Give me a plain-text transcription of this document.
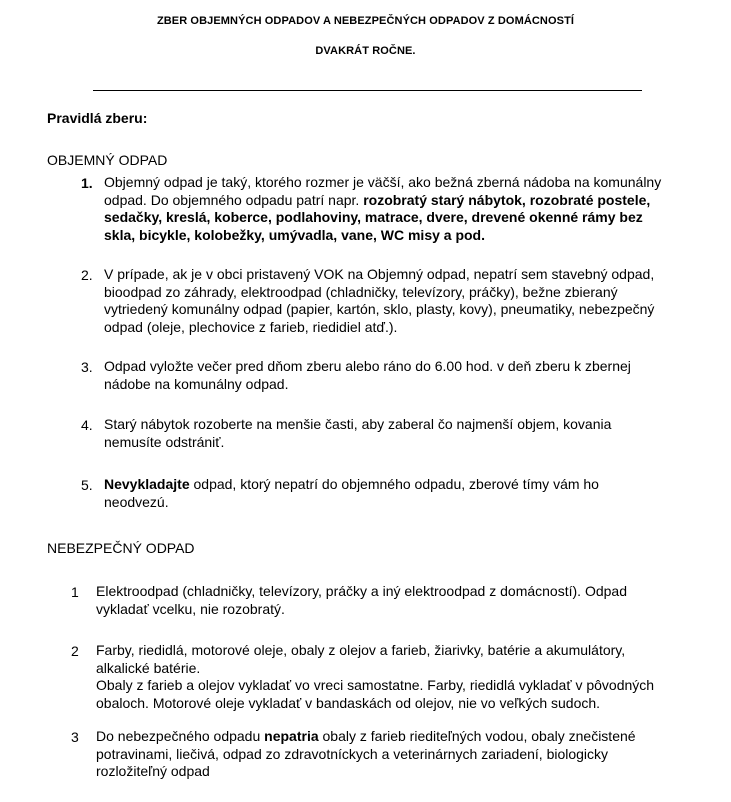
ZBER OBJEMNÝCH ODPADOV A NEBEZPEČNÝCH ODPADOV Z DOMÁCNOSTÍ
DVAKRÁT ROČNE.
Pravidlá zberu:
OBJEMNÝ ODPAD
1. Objemný odpad je taký, ktorého rozmer je väčší, ako bežná zberná nádoba na komunálny
odpad. Do objemného odpadu patrí napr. rozobratý starý nábytok, rozobraté postele,
sedačky, kreslá, koberce, podlahoviny, matrace, dvere, drevené okenné rámy bez
skla, bicykle, kolobežky, umývadla, vane, WC misy a pod.
2. V prípade, ak je v obci pristavený VOK na Objemný odpad, nepatrí sem stavebný odpad,
bioodpad zo záhrady, elektroodpad (chladničky, televízory, práčky), bežne zbieraný
vytriedený komunálny odpad (papier, kartón, sklo, plasty, kovy), pneumatiky, nebezpečný
odpad (oleje, plechovice z farieb, riedidiel atď.).
3. Odpad vyložte večer pred dňom zberu alebo ráno do 6.00 hod. v deň zberu k zbernej
nádobe na komunálny odpad.
4. Starý nábytok rozoberte na menšie časti, aby zaberal čo najmenší objem, kovania
nemusíte odstrániť.
5. Nevykladajte odpad, ktorý nepatrí do objemného odpadu, zberové tímy vám ho
neodvezú.
NEBEZPEČNÝ ODPAD
1 Elektroodpad (chladničky, televízory, práčky a iný elektroodpad z domácností). Odpad
vykladať vcelku, nie rozobratý.
2 Farby, riedidlá, motorové oleje, obaly z olejov a farieb, žiarivky, batérie a akumulátory,
alkalické batérie.
Obaly z farieb a olejov vykladať vo vreci samostatne. Farby, riedidlá vykladať v pôvodných
obaloch. Motorové oleje vykladať v bandaskách od olejov, nie vo veľkých sudoch.
3 Do nebezpečného odpadu nepatria obaly z farieb riediteľných vodou, obaly znečistené
potravinami, liečivá, odpad zo zdravotníckych a veterinárnych zariadení, biologicky
rozložiteľný odpad
